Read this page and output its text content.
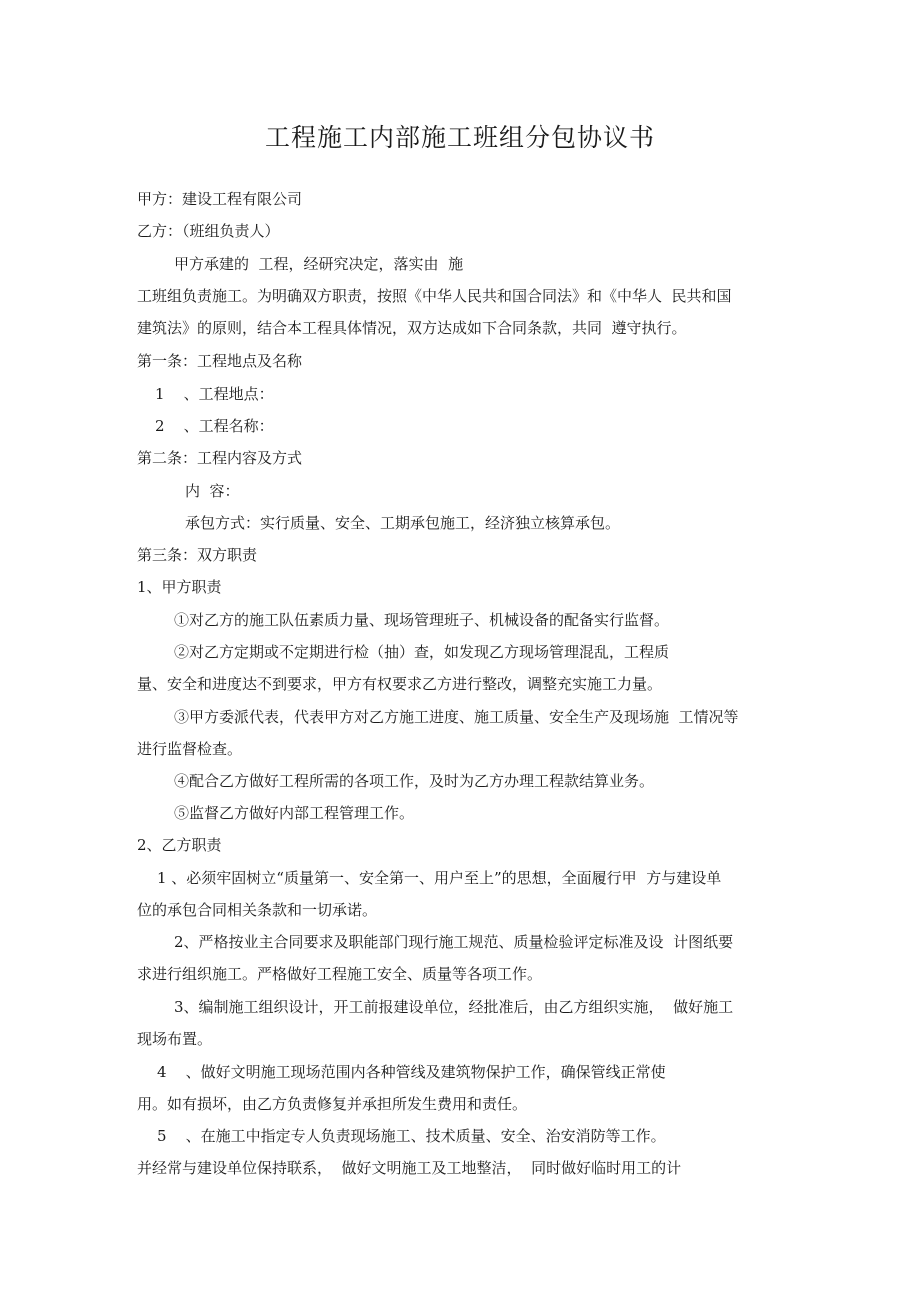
工程施工内部施工班组分包协议书
甲方：建设工程有限公司
乙方：（班组负责人）
甲方承建的  工程，经研究决定，落实由  施
工班组负责施工。为明确双方职责，按照《中华人民共和国合同法》和《中华人  民共和国
建筑法》的原则，结合本工程具体情况，双方达成如下合同条款，共同  遵守执行。
第一条：工程地点及名称
1    、工程地点：
2    、工程名称：
第二条：工程内容及方式
内  容：
承包方式：实行质量、安全、工期承包施工，经济独立核算承包。
第三条：双方职责
1、甲方职责
①对乙方的施工队伍素质力量、现场管理班子、机械设备的配备实行监督。
②对乙方定期或不定期进行检（抽）查，如发现乙方现场管理混乱，工程质
量、安全和进度达不到要求，甲方有权要求乙方进行整改，调整充实施工力量。
③甲方委派代表，代表甲方对乙方施工进度、施工质量、安全生产及现场施  工情况等
进行监督检查。
④配合乙方做好工程所需的各项工作，及时为乙方办理工程款结算业务。
⑤监督乙方做好内部工程管理工作。
2、乙方职责
1 、必须牢固树立“质量第一、安全第一、用户至上”的思想，全面履行甲  方与建设单
位的承包合同相关条款和一切承诺。
2、严格按业主合同要求及职能部门现行施工规范、质量检验评定标准及设  计图纸要
求进行组织施工。严格做好工程施工安全、质量等各项工作。
3、编制施工组织设计，开工前报建设单位，经批准后，由乙方组织实施，  做好施工
现场布置。
4    、做好文明施工现场范围内各种管线及建筑物保护工作，确保管线正常使
用。如有损坏，由乙方负责修复并承担所发生费用和责任。
5    、在施工中指定专人负责现场施工、技术质量、安全、治安消防等工作。
并经常与建设单位保持联系，  做好文明施工及工地整洁，  同时做好临时用工的计
